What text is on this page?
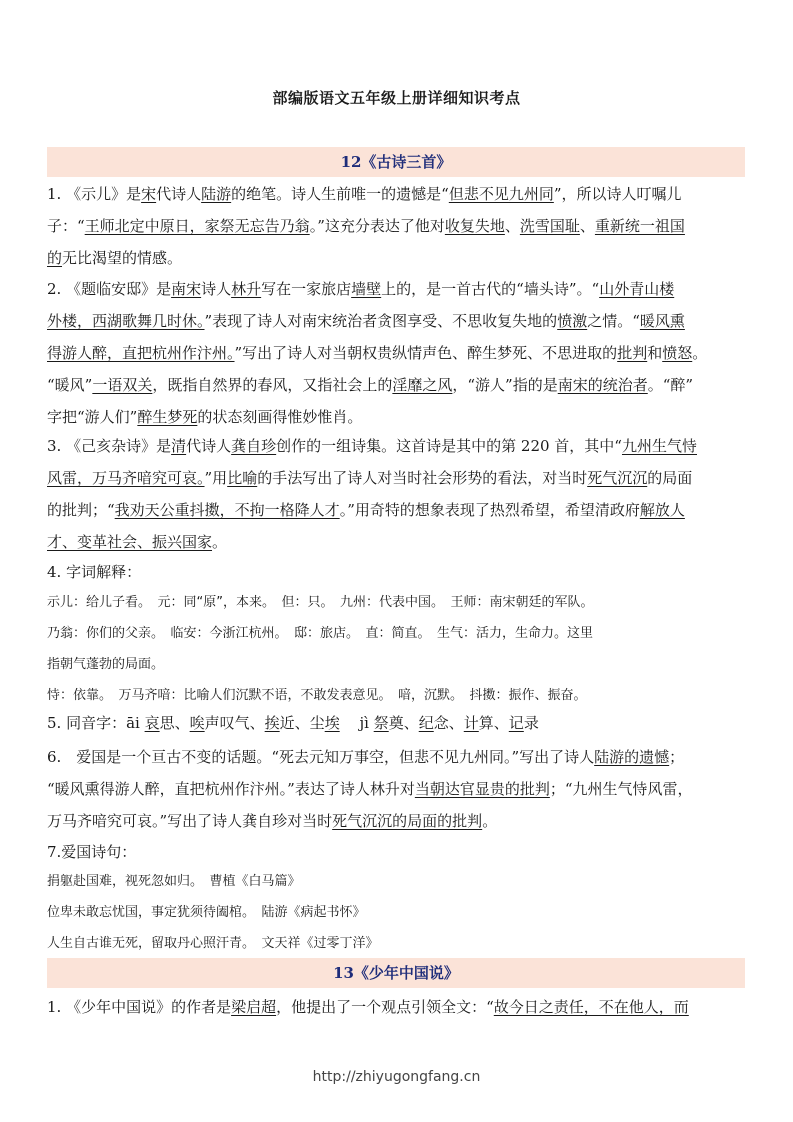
部编版语文五年级上册详细知识考点
12《古诗三首》
1. 《示儿》是宋代诗人陆游的绝笔。诗人生前唯一的遗憾是“但悲不见九州同”，所以诗人叮嘱儿
子：“王师北定中原日，家祭无忘告乃翁。”这充分表达了他对收复失地、洗雪国耻、重新统一祖国
的无比渴望的情感。
2. 《题临安邸》是南宋诗人林升写在一家旅店墙壁上的，是一首古代的“墙头诗”。“山外青山楼
外楼，西湖歌舞几时休。”表现了诗人对南宋统治者贪图享受、不思收复失地的愤激之情。“暖风熏
得游人醉，直把杭州作汴州。”写出了诗人对当朝权贵纵情声色、醉生梦死、不思进取的批判和愤怒。
“暖风”一语双关，既指自然界的春风，又指社会上的淫靡之风，“游人”指的是南宋的统治者。“醉”
字把“游人们”醉生梦死的状态刻画得惟妙惟肖。
3. 《己亥杂诗》是清代诗人龚自珍创作的一组诗集。这首诗是其中的第 220 首，其中“九州生气恃
风雷，万马齐喑究可哀。”用比喻的手法写出了诗人对当时社会形势的看法，对当时死气沉沉的局面
的批判；“我劝天公重抖擞，不拘一格降人才。”用奇特的想象表现了热烈希望，希望清政府解放人
才、变革社会、振兴国家。
4. 字词解释：
示儿：给儿子看。　元：同“原”，本来。　但：只。　九州：代表中国。　王师：南宋朝廷的军队。
乃翁：你们的父亲。　临安：今浙江杭州。　邸：旅店。　直：简直。　生气：活力，生命力。这里
指朝气蓬勃的局面。
恃：依靠。　万马齐喑：比喻人们沉默不语，不敢发表意见。　喑，沉默。　抖擞：振作、振奋。
5. 同音字：āi 哀思、唉声叹气、挨近、尘埃　 jì 祭奠、纪念、计算、记录
6.　爱国是一个亘古不变的话题。“死去元知万事空，但悲不见九州同。”写出了诗人陆游的遗憾；
“暖风熏得游人醉，直把杭州作汴州。”表达了诗人林升对当朝达官显贵的批判；“九州生气恃风雷，
万马齐喑究可哀。”写出了诗人龚自珍对当时死气沉沉的局面的批判。
7.爱国诗句：
捐躯赴国难，视死忽如归。　曹植《白马篇》
位卑未敢忘忧国，事定犹须待阖棺。　陆游《病起书怀》
人生自古谁无死，留取丹心照汗青。　文天祥《过零丁洋》
13《少年中国说》
1. 《少年中国说》的作者是梁启超，他提出了一个观点引领全文：“故今日之责任，不在他人，而
http://zhiyugongfang.cn
